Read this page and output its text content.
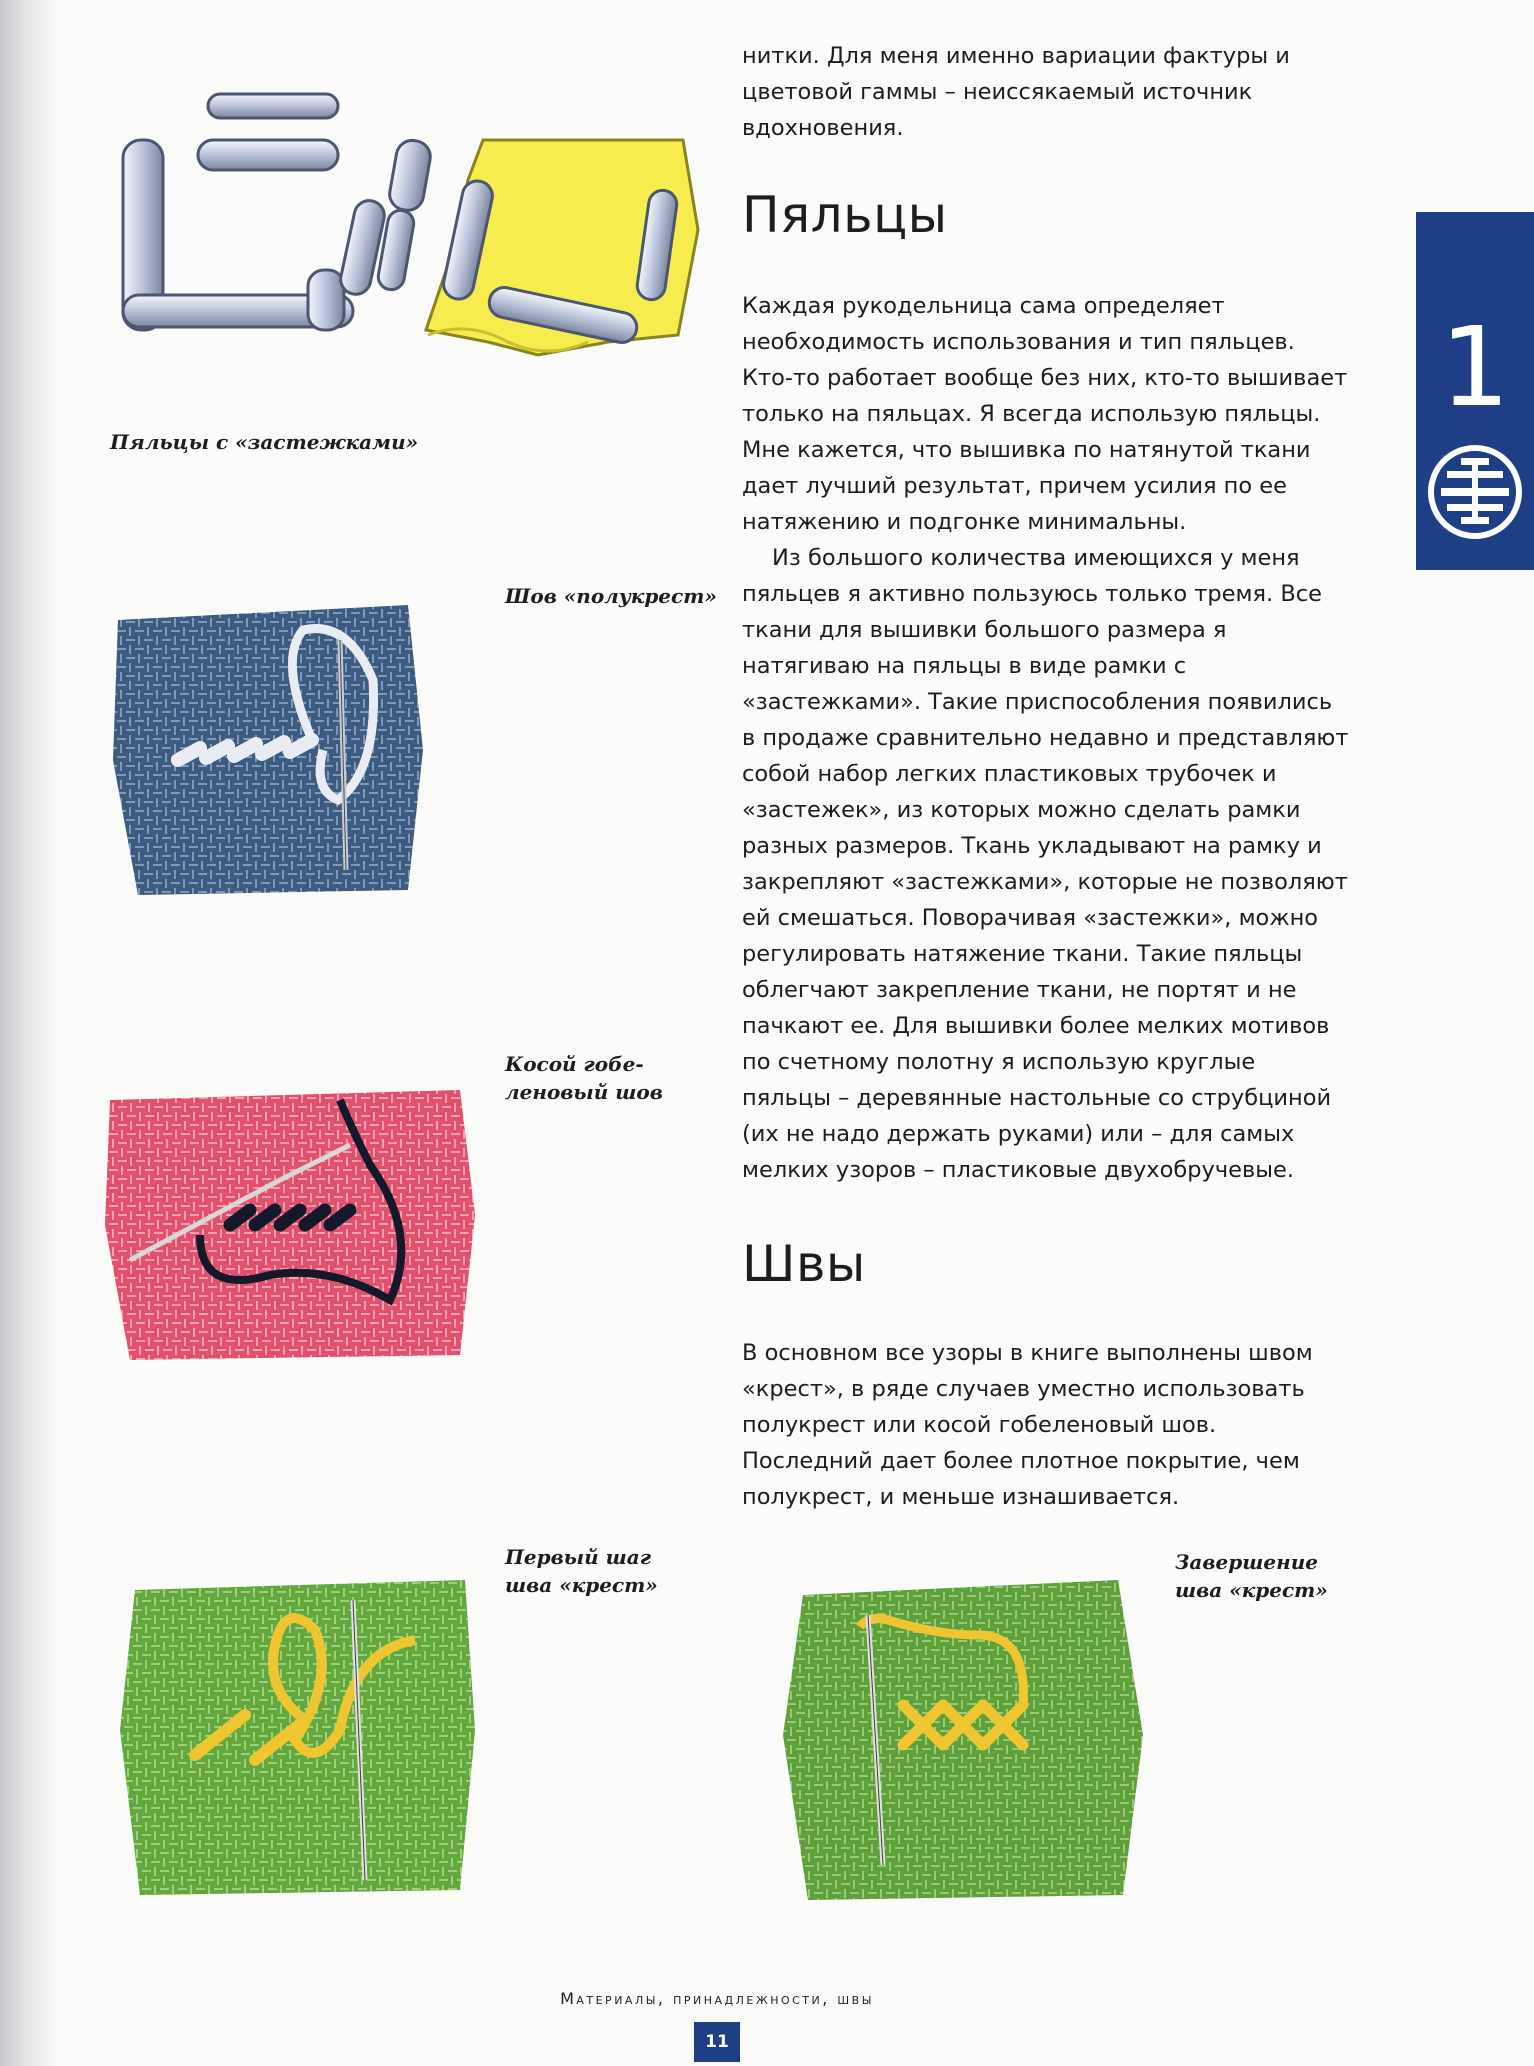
нитки. Для меня именно вариации фактуры и цветовой гаммы – неиссякаемый источник вдохновения.

Пяльцы

Каждая рукодельница сама определяет необходимость использования и тип пяльцев. Кто-то работает вообще без них, кто-то вышивает только на пяльцах. Я всегда использую пяльцы. Мне кажется, что вышивка по натянутой ткани дает лучший результат, причем усилия по ее натяжению и подгонке минимальны.

Из большого количества имеющихся у меня пяльцев я активно пользуюсь только тремя. Все ткани для вышивки большого размера я натягиваю на пяльцы в виде рамки с «застежками». Такие приспособления появились в продаже сравнительно недавно и представляют собой набор легких пластиковых трубочек и «застежек», из которых можно сделать рамки разных размеров. Ткань укладывают на рамку и закрепляют «застежками», которые не позволяют ей смешаться. Поворачивая «застежки», можно регулировать натяжение ткани. Такие пяльцы облегчают закрепление ткани, не портят и не пачкают ее. Для вышивки более мелких мотивов по счетному полотну я использую круглые пяльцы – деревянные настольные со струбциной (их не надо держать руками) или – для самых мелких узоров – пластиковые двухобручевые.

Швы

В основном все узоры в книге выполнены швом «крест», в ряде случаев уместно использовать полукрест или косой гобеленовый шов. Последний дает более плотное покрытие, чем полукрест, и меньше изнашивается.

1
Пяльцы с «застежками»
Шов «полукрест»
Косой гобе-
леновый шов
Первый шаг
шва «крест»
Завершение
шва «крест»
Материалы, принадлежности, швы
11
